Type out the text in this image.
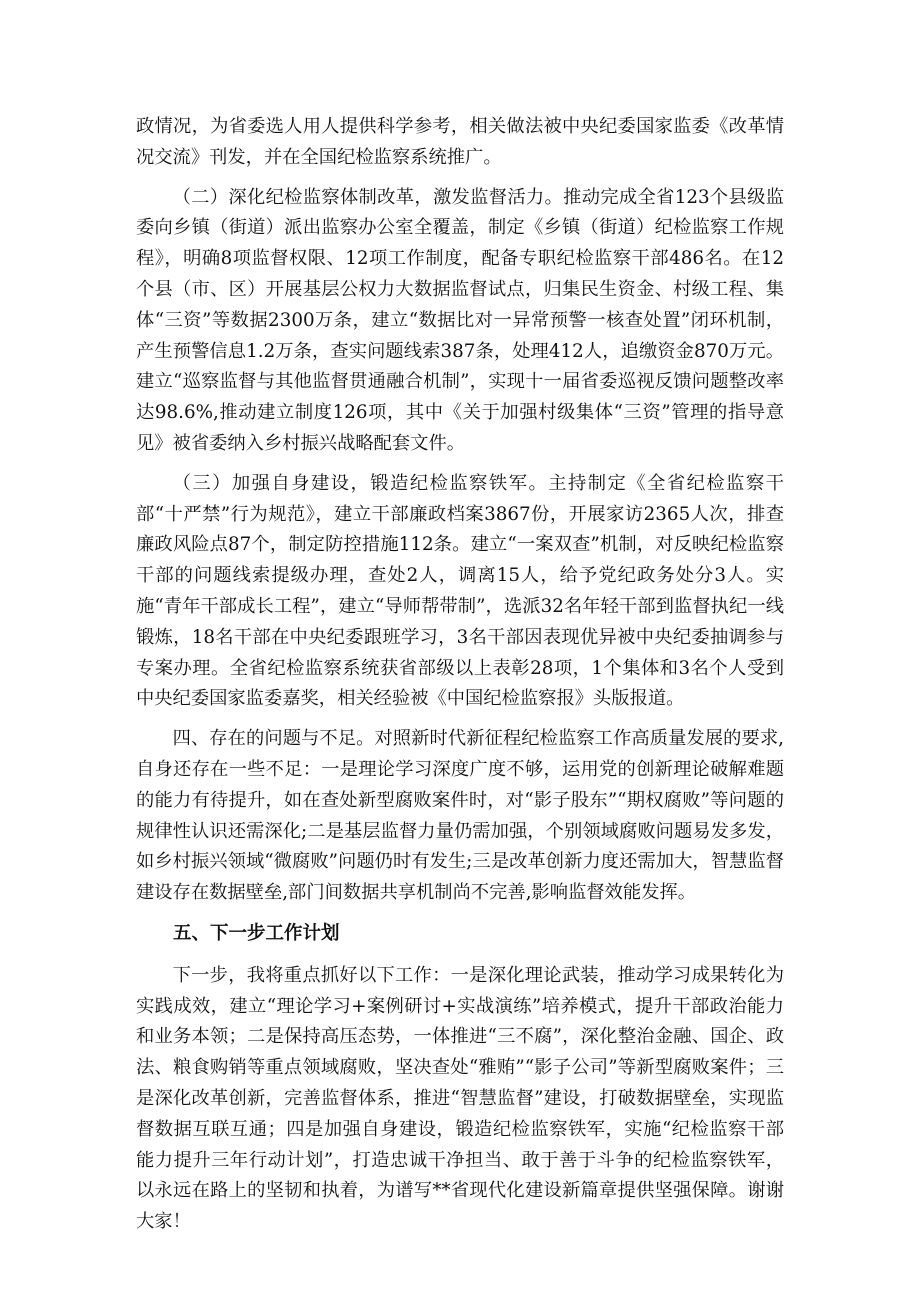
政情况，为省委选人用人提供科学参考，相关做法被中央纪委国家监委《改革情况交流》刊发，并在全国纪检监察系统推广。

（二）深化纪检监察体制改革，激发监督活力。推动完成全省123个县级监委向乡镇（街道）派出监察办公室全覆盖，制定《乡镇（街道）纪检监察工作规程》，明确8项监督权限、12项工作制度，配备专职纪检监察干部486名。在12个县（市、区）开展基层公权力大数据监督试点，归集民生资金、村级工程、集体“三资”等数据2300万条，建立“数据比对一异常预警一核查处置”闭环机制，产生预警信息1.2万条，查实问题线索387条，处理412人，追缴资金870万元。建立“巡察监督与其他监督贯通融合机制”，实现十一届省委巡视反馈问题整改率达98.6%,推动建立制度126项，其中《关于加强村级集体“三资”管理的指导意见》被省委纳入乡村振兴战略配套文件。

（三）加强自身建设，锻造纪检监察铁军。主持制定《全省纪检监察干部“十严禁”行为规范》，建立干部廉政档案3867份，开展家访2365人次，排查廉政风险点87个，制定防控措施112条。建立“一案双查”机制，对反映纪检监察干部的问题线索提级办理，查处2人，调离15人，给予党纪政务处分3人。实施“青年干部成长工程”，建立“导师帮带制”，选派32名年轻干部到监督执纪一线锻炼，18名干部在中央纪委跟班学习，3名干部因表现优异被中央纪委抽调参与专案办理。全省纪检监察系统获省部级以上表彰28项，1个集体和3名个人受到中央纪委国家监委嘉奖，相关经验被《中国纪检监察报》头版报道。

四、存在的问题与不足。对照新时代新征程纪检监察工作高质量发展的要求,自身还存在一些不足：一是理论学习深度广度不够，运用党的创新理论破解难题的能力有待提升，如在查处新型腐败案件时，对“影子股东”“期权腐败”等问题的规律性认识还需深化;二是基层监督力量仍需加强，个别领域腐败问题易发多发，如乡村振兴领域“微腐败”问题仍时有发生;三是改革创新力度还需加大，智慧监督建设存在数据壁垒,部门间数据共享机制尚不完善,影响监督效能发挥。

五、下一步工作计划

下一步，我将重点抓好以下工作：一是深化理论武装，推动学习成果转化为实践成效，建立“理论学习+案例研讨+实战演练”培养模式，提升干部政治能力和业务本领；二是保持高压态势，一体推进“三不腐”，深化整治金融、国企、政法、粮食购销等重点领域腐败，坚决查处“雅贿”“影子公司”等新型腐败案件；三是深化改革创新，完善监督体系，推进“智慧监督”建设，打破数据壁垒，实现监督数据互联互通；四是加强自身建设，锻造纪检监察铁军，实施“纪检监察干部能力提升三年行动计划”，打造忠诚干净担当、敢于善于斗争的纪检监察铁军，以永远在路上的坚韧和执着，为谱写**省现代化建设新篇章提供坚强保障。谢谢大家！
